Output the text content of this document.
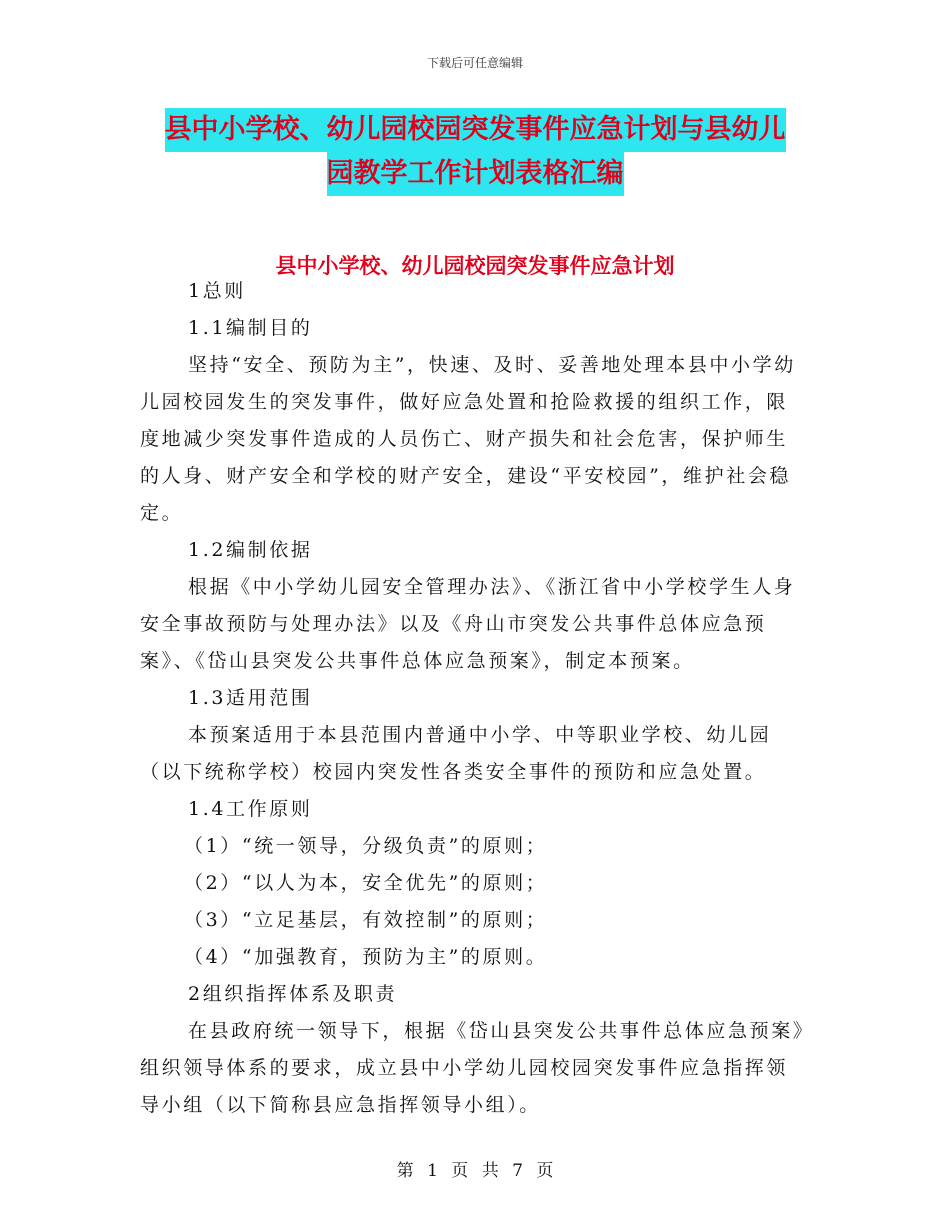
下载后可任意编辑
县中小学校、幼儿园校园突发事件应急计划与县幼儿
园教学工作计划表格汇编
县中小学校、幼儿园校园突发事件应急计划

1总则

1.1编制目的

坚持“安全、预防为主”，快速、及时、妥善地处理本县中小学幼儿园校园发生的突发事件，做好应急处置和抢险救援的组织工作，限度地减少突发事件造成的人员伤亡、财产损失和社会危害，保护师生的人身、财产安全和学校的财产安全，建设“平安校园”，维护社会稳定。

1.2编制依据

根据《中小学幼儿园安全管理办法》、《浙江省中小学校学生人身安全事故预防与处理办法》以及《舟山市突发公共事件总体应急预案》、《岱山县突发公共事件总体应急预案》，制定本预案。

1.3适用范围

本预案适用于本县范围内普通中小学、中等职业学校、幼儿园（以下统称学校）校园内突发性各类安全事件的预防和应急处置。

1.4工作原则

（1）“统一领导，分级负责”的原则；

（2）“以人为本，安全优先”的原则；

（3）“立足基层，有效控制”的原则；

（4）“加强教育，预防为主”的原则。

2组织指挥体系及职责

在县政府统一领导下，根据《岱山县突发公共事件总体应急预案》组织领导体系的要求，成立县中小学幼儿园校园突发事件应急指挥领导小组（以下简称县应急指挥领导小组）。

第 1 页 共 7 页
